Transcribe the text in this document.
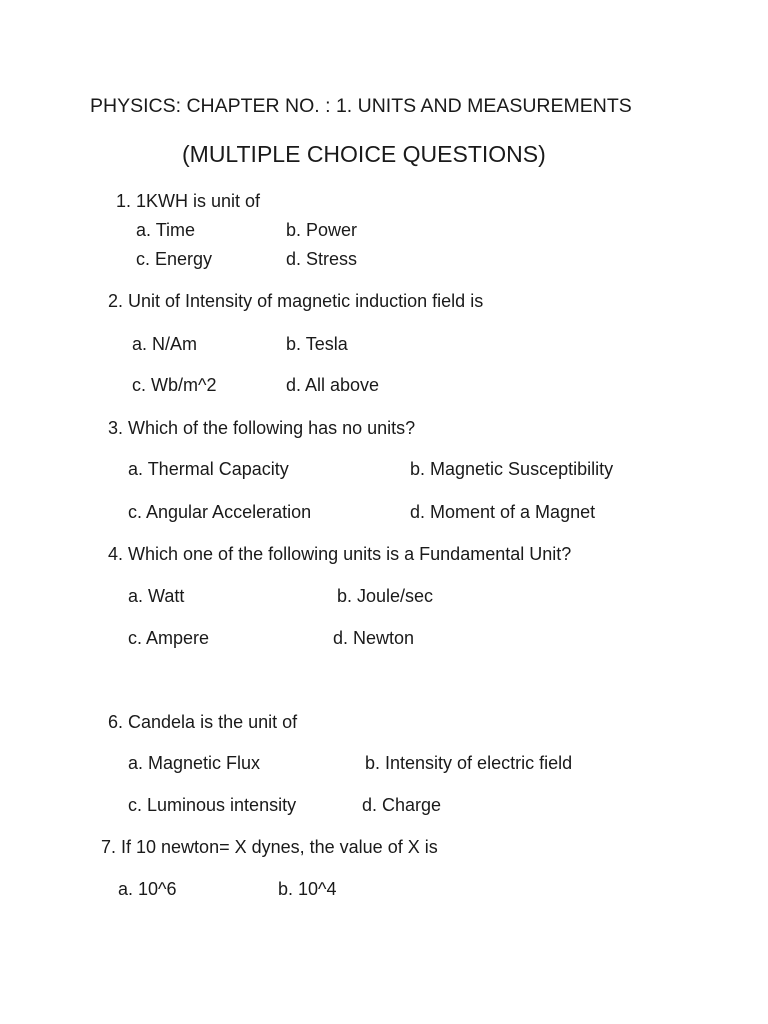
PHYSICS: CHAPTER NO. : 1. UNITS AND MEASUREMENTS
(MULTIPLE CHOICE QUESTIONS)
1. 1KWH is unit of
a. Time	b. Power
c. Energy	d. Stress
2. Unit of Intensity of magnetic induction field is
a. N/Am	b. Tesla
c. Wb/m^2	d. All above
3. Which of the following has no units?
a. Thermal Capacity	b. Magnetic Susceptibility
c. Angular Acceleration	d. Moment of a Magnet
4. Which one of the following units is a Fundamental Unit?
a. Watt	b. Joule/sec
c. Ampere	d. Newton
6. Candela is the unit of
a. Magnetic Flux	b. Intensity of electric field
c. Luminous intensity	d. Charge
7. If 10 newton= X dynes, the value of X is
a. 10^6	b. 10^4
